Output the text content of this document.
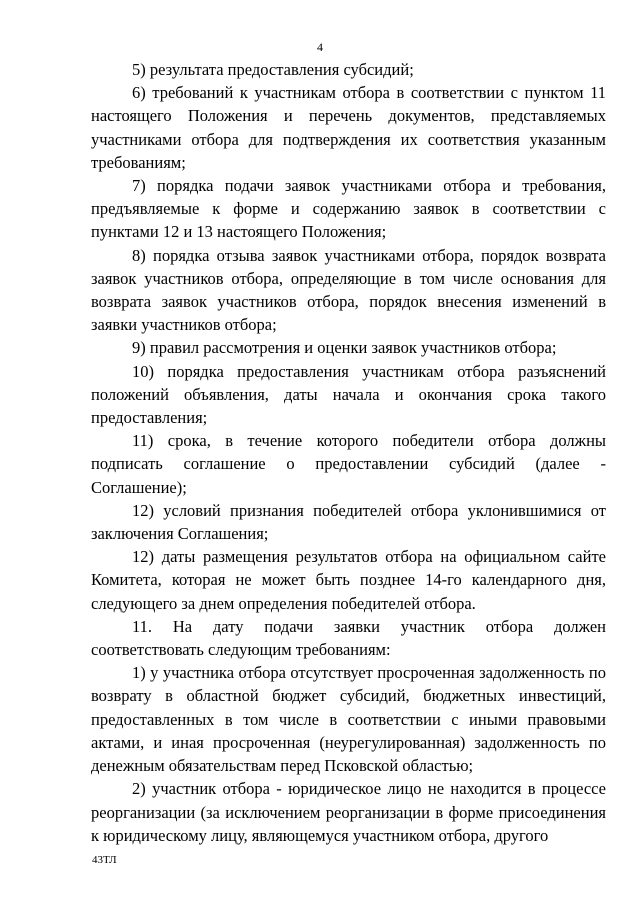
4

5) результата предоставления субсидий;

6) требований к участникам отбора в соответствии с пунктом 11 настоящего Положения и перечень документов, представляемых участниками отбора для подтверждения их соответствия указанным требованиям;

7) порядка подачи заявок участниками отбора и требования, предъявляемые к форме и содержанию заявок в соответствии с пунктами 12 и 13 настоящего Положения;

8) порядка отзыва заявок участниками отбора, порядок возврата заявок участников отбора, определяющие в том числе основания для возврата заявок участников отбора, порядок внесения изменений в заявки участников отбора;

9) правил рассмотрения и оценки заявок участников отбора;

10) порядка предоставления участникам отбора разъяснений положений объявления, даты начала и окончания срока такого предоставления;

11) срока, в течение которого победители отбора должны подписать соглашение о предоставлении субсидий (далее - Соглашение);

12) условий признания победителей отбора уклонившимися от заключения Соглашения;

12) даты размещения результатов отбора на официальном сайте Комитета, которая не может быть позднее 14-го календарного дня, следующего за днем определения победителей отбора.

11. На дату подачи заявки участник отбора должен соответствовать следующим требованиям:

1) у участника отбора отсутствует просроченная задолженность по возврату в областной бюджет субсидий, бюджетных инвестиций, предоставленных в том числе в соответствии с иными правовыми актами, и иная просроченная (неурегулированная) задолженность по денежным обязательствам перед Псковской областью;

2) участник отбора - юридическое лицо не находится в процессе реорганизации (за исключением реорганизации в форме присоединения к юридическому лицу, являющемуся участником отбора, другого

43ТЛ
